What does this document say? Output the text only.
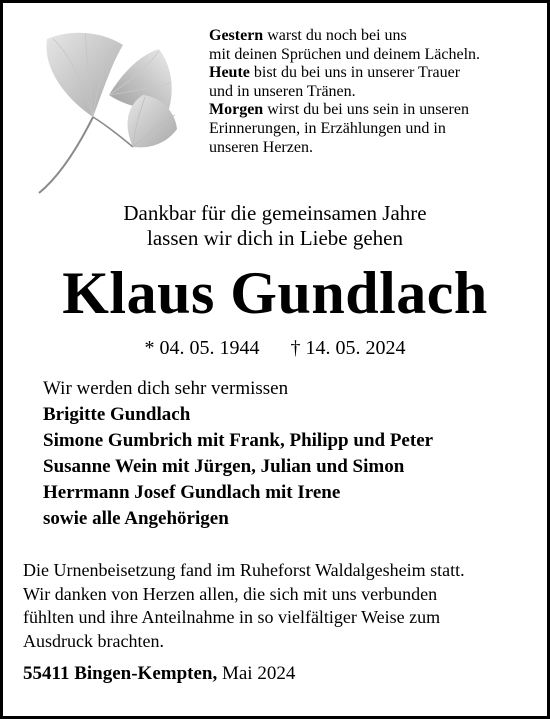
Gestern warst du noch bei uns

mit deinen Sprüchen und deinem Lächeln.

Heute bist du bei uns in unserer Trauer

und in unseren Tränen.

Morgen wirst du bei uns sein in unseren

Erinnerungen, in Erzählungen und in

unseren Herzen.

Dankbar für die gemeinsamen Jahre
lassen wir dich in Liebe gehen
Klaus Gundlach
* 04. 05. 1944 † 14. 05. 2024
Wir werden dich sehr vermissen
Brigitte Gundlach
Simone Gumbrich mit Frank, Philipp und Peter
Susanne Wein mit Jürgen, Julian und Simon
Herrmann Josef Gundlach mit Irene
sowie alle Angehörigen
Die Urnenbeisetzung fand im Ruheforst Waldalgesheim statt.
Wir danken von Herzen allen, die sich mit uns verbunden
fühlten und ihre Anteilnahme in so vielfältiger Weise zum
Ausdruck brachten.
55411 Bingen-Kempten, Mai 2024
